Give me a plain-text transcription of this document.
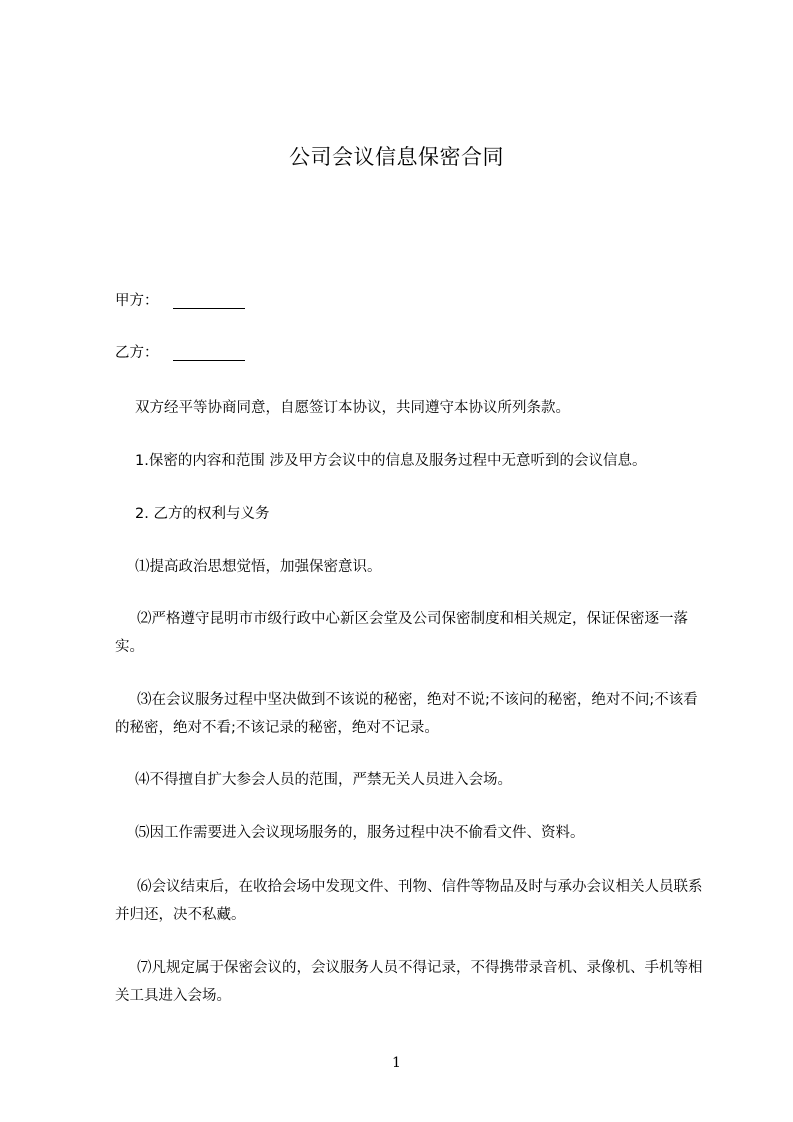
公司会议信息保密合同
甲方：
乙方：

双方经平等协商同意，自愿签订本协议，共同遵守本协议所列条款。

1.保密的内容和范围 涉及甲方会议中的信息及服务过程中无意听到的会议信息。

2. 乙方的权利与义务

⑴提高政治思想觉悟，加强保密意识。

⑵严格遵守昆明市市级行政中心新区会堂及公司保密制度和相关规定，保证保密逐一落实。

⑶在会议服务过程中坚决做到不该说的秘密，绝对不说;不该问的秘密，绝对不问;不该看的秘密，绝对不看;不该记录的秘密，绝对不记录。

⑷不得擅自扩大参会人员的范围，严禁无关人员进入会场。

⑸因工作需要进入会议现场服务的，服务过程中决不偷看文件、资料。

⑹会议结束后，在收拾会场中发现文件、刊物、信件等物品及时与承办会议相关人员联系并归还，决不私藏。

⑺凡规定属于保密会议的，会议服务人员不得记录，不得携带录音机、录像机、手机等相关工具进入会场。

1
